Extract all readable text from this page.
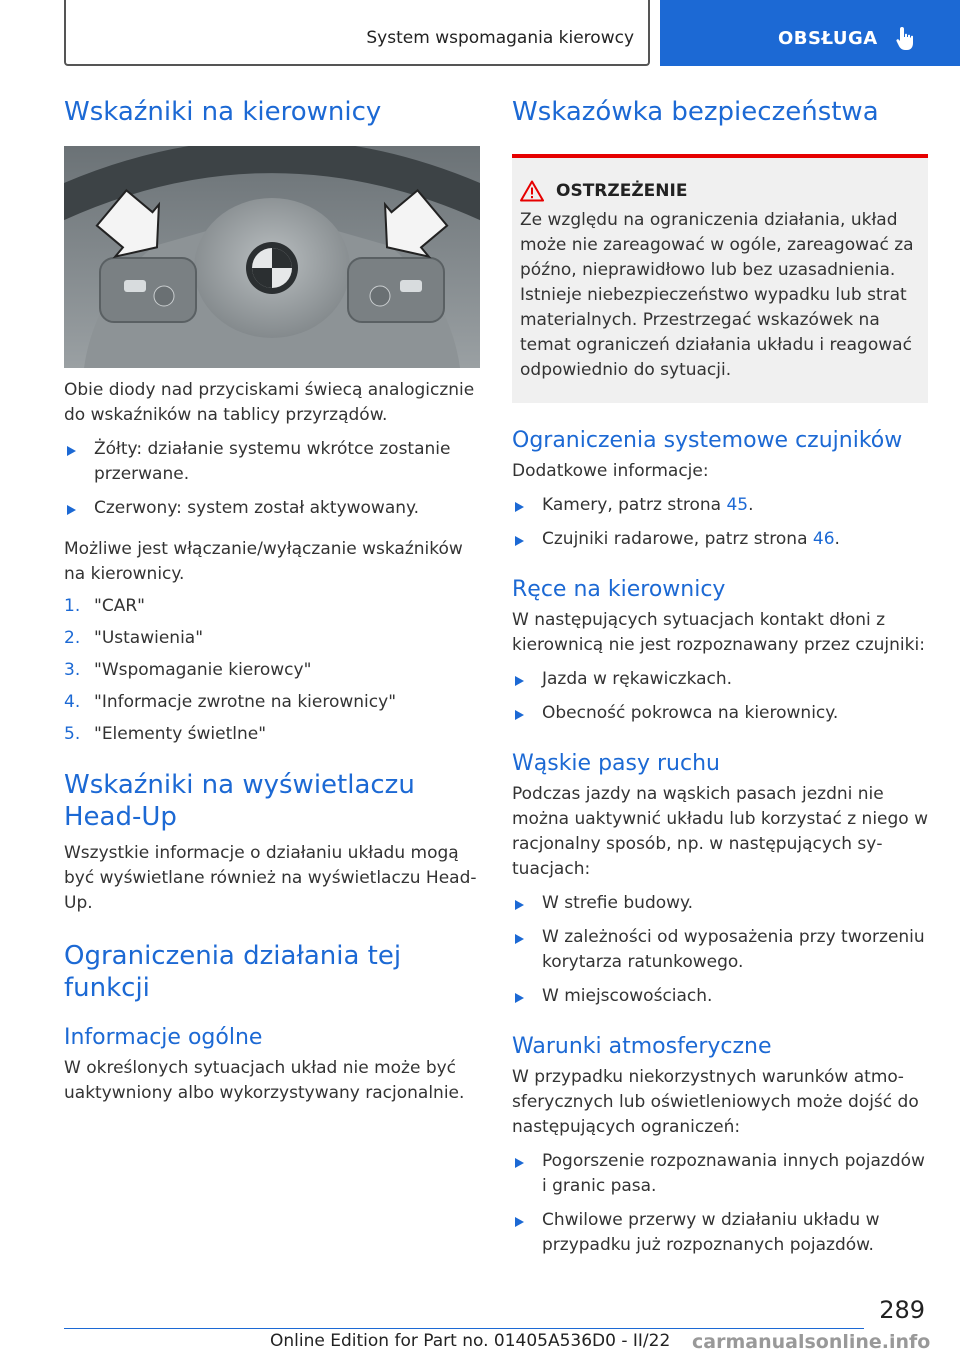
System wspomagania kierowcy	OBSŁUGA
Wskaźniki na kierownicy

Obie diody nad przyciskami świecą analogicznie do wskaźników na tablicy przyrządów.

Żółty: działanie systemu wkrótce zostanie przerwane.
Czerwony: system został aktywowany.

Możliwe jest włączanie/wyłączanie wskaźników na kierownicy.

1. "CAR"
2. "Ustawienia"
3. "Wspomaganie kierowcy"
4. "Informacje zwrotne na kierownicy"
5. "Elementy świetlne"
Wskaźniki na wyświetlaczu Head-Up

Wszystkie informacje o działaniu układu mogą być wyświetlane również na wyświetlaczu Head-Up.

Ograniczenia działania tej funkcji
Informacje ogólne

W określonych sytuacjach układ nie może być uaktywniony albo wykorzystywany racjonalnie.

Wskazówka bezpieczeństwa
OSTRZEŻENIE

Ze względu na ograniczenia działania, układ może nie zareagować w ogóle, zareagować za późno, nieprawidłowo lub bez uzasadnienia. Istnieje niebezpieczeństwo wypadku lub strat materialnych. Przestrzegać wskazówek na temat ograniczeń działania układu i reagować odpowiednio do sytuacji.

Ograniczenia systemowe czujników

Dodatkowe informacje:

Kamery, patrz strona 45.
Czujniki radarowe, patrz strona 46.
Ręce na kierownicy

W następujących sytuacjach kontakt dłoni z kierownicą nie jest rozpoznawany przez czujniki:

Jazda w rękawiczkach.
Obecność pokrowca na kierownicy.
Wąskie pasy ruchu

Podczas jazdy na wąskich pasach jezdni nie można uaktywnić układu lub korzystać z niego w racjonalny sposób, np. w następujących sytuacjach:

W strefie budowy.
W zależności od wyposażenia przy tworzeniu korytarza ratunkowego.
W miejscowościach.
Warunki atmosferyczne

W przypadku niekorzystnych warunków atmosferycznych lub oświetleniowych może dojść do następujących ograniczeń:

Pogorszenie rozpoznawania innych pojazdów i granic pasa.
Chwilowe przerwy w działaniu układu w przypadku już rozpoznanych pojazdów.
289
Online Edition for Part no. 01405A536D0 - II/22 carmanualsonline.info
